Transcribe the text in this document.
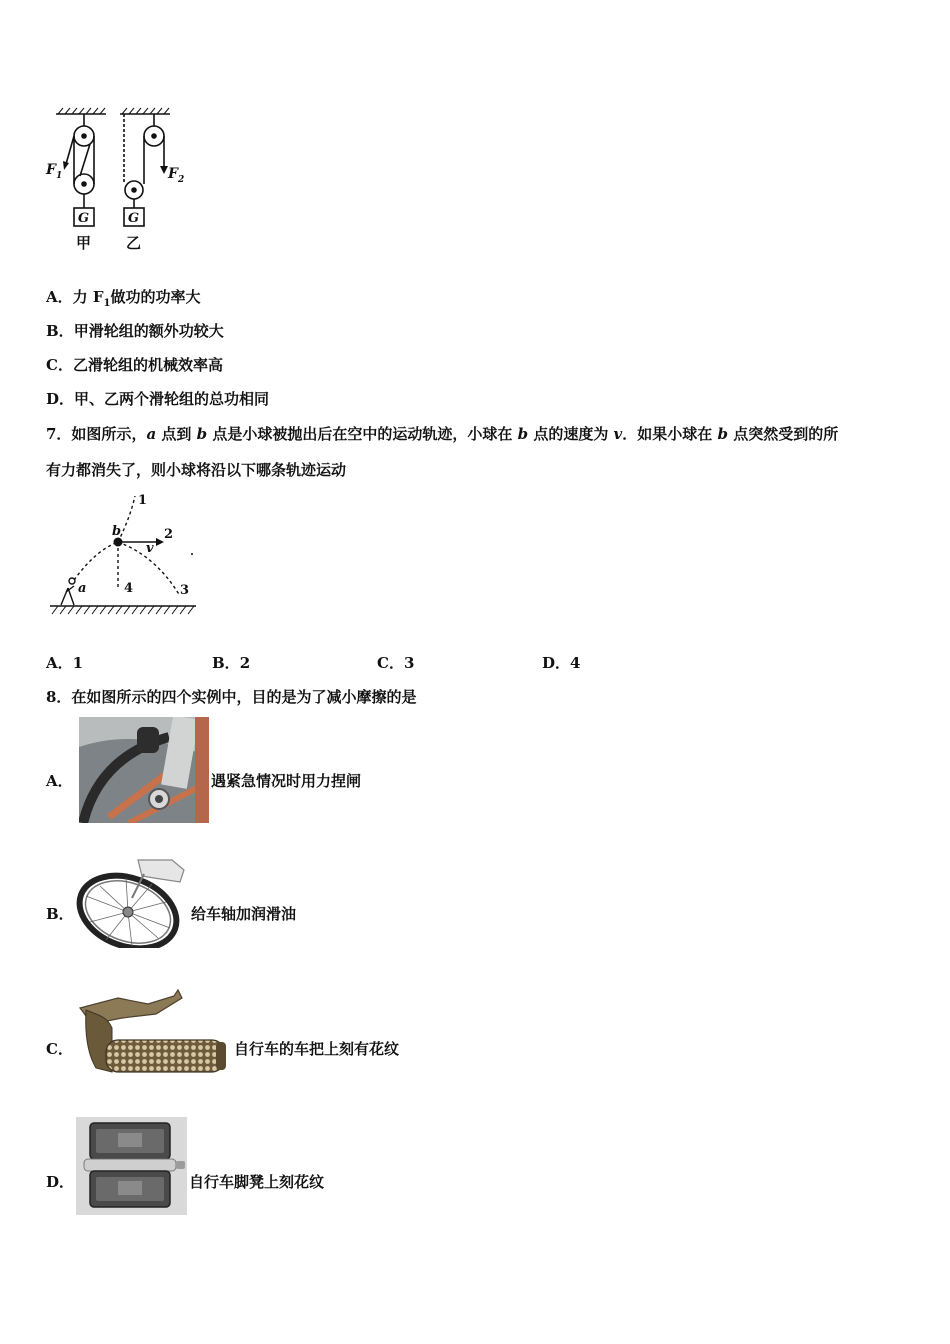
$F_1$	$F_2$
G	G
甲 乙
A．力 $F_1$做功的功率大
B．甲滑轮组的额外功较大
C．乙滑轮组的机械效率高
D．甲、乙两个滑轮组的总功相同
7．如图所示，a 点到 b 点是小球被抛出后在空中的运动轨迹，小球在 b 点的速度为 v．如果小球在 b 点突然受到的所
有力都消失了，则小球将沿以下哪条轨迹运动
1
2
3
4
b
a
v
A．1	B．2	C．3	D．4
8．在如图所示的四个实例中，目的是为了减小摩擦的是
A．	遇紧急情况时用力捏闸
B．	给车轴加润滑油
C．	自行车的车把上刻有花纹
D．	自行车脚凳上刻花纹
